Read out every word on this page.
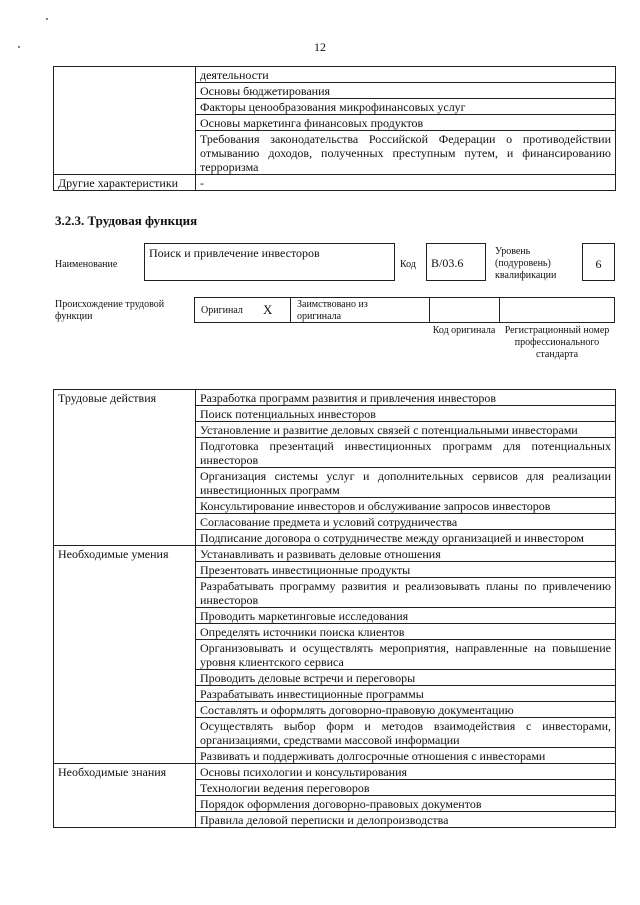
12
	деятельности
	Основы бюджетирования
	Факторы ценообразования микрофинансовых услуг
	Основы маркетинга финансовых продуктов
	Требования законодательства Российской Федерации о противодействии отмыванию доходов, полученных преступным путем, и финансированию терроризма
Другие характеристики	-
3.2.3. Трудовая функция
Наименование
Поиск и привлечение инвесторов
Код	B/03.6
Уровень (подуровень) квалификации
6
Происхождение трудовой функции
Оригинал X Заимствовано из оригинала
Код оригинала Регистрационный номер профессионального стандарта
Трудовые действия	Разработка программ развития и привлечения инвесторов
	Поиск потенциальных инвесторов
	Установление и развитие деловых связей с потенциальными инвесторами
	Подготовка презентаций инвестиционных программ для потенциальных инвесторов
	Организация системы услуг и дополнительных сервисов для реализации инвестиционных программ
	Консультирование инвесторов и обслуживание запросов инвесторов
	Согласование предмета и условий сотрудничества
	Подписание договора о сотрудничестве между организацией и инвестором
Необходимые умения	Устанавливать и развивать деловые отношения
	Презентовать инвестиционные продукты
	Разрабатывать программу развития и реализовывать планы по привлечению инвесторов
	Проводить маркетинговые исследования
	Определять источники поиска клиентов
	Организовывать и осуществлять мероприятия, направленные на повышение уровня клиентского сервиса
	Проводить деловые встречи и переговоры
	Разрабатывать инвестиционные программы
	Составлять и оформлять договорно-правовую документацию
	Осуществлять выбор форм и методов взаимодействия с инвесторами, организациями, средствами массовой информации
	Развивать и поддерживать долгосрочные отношения с инвесторами
Необходимые знания	Основы психологии и консультирования
	Технологии ведения переговоров
	Порядок оформления договорно-правовых документов
	Правила деловой переписки и делопроизводства
